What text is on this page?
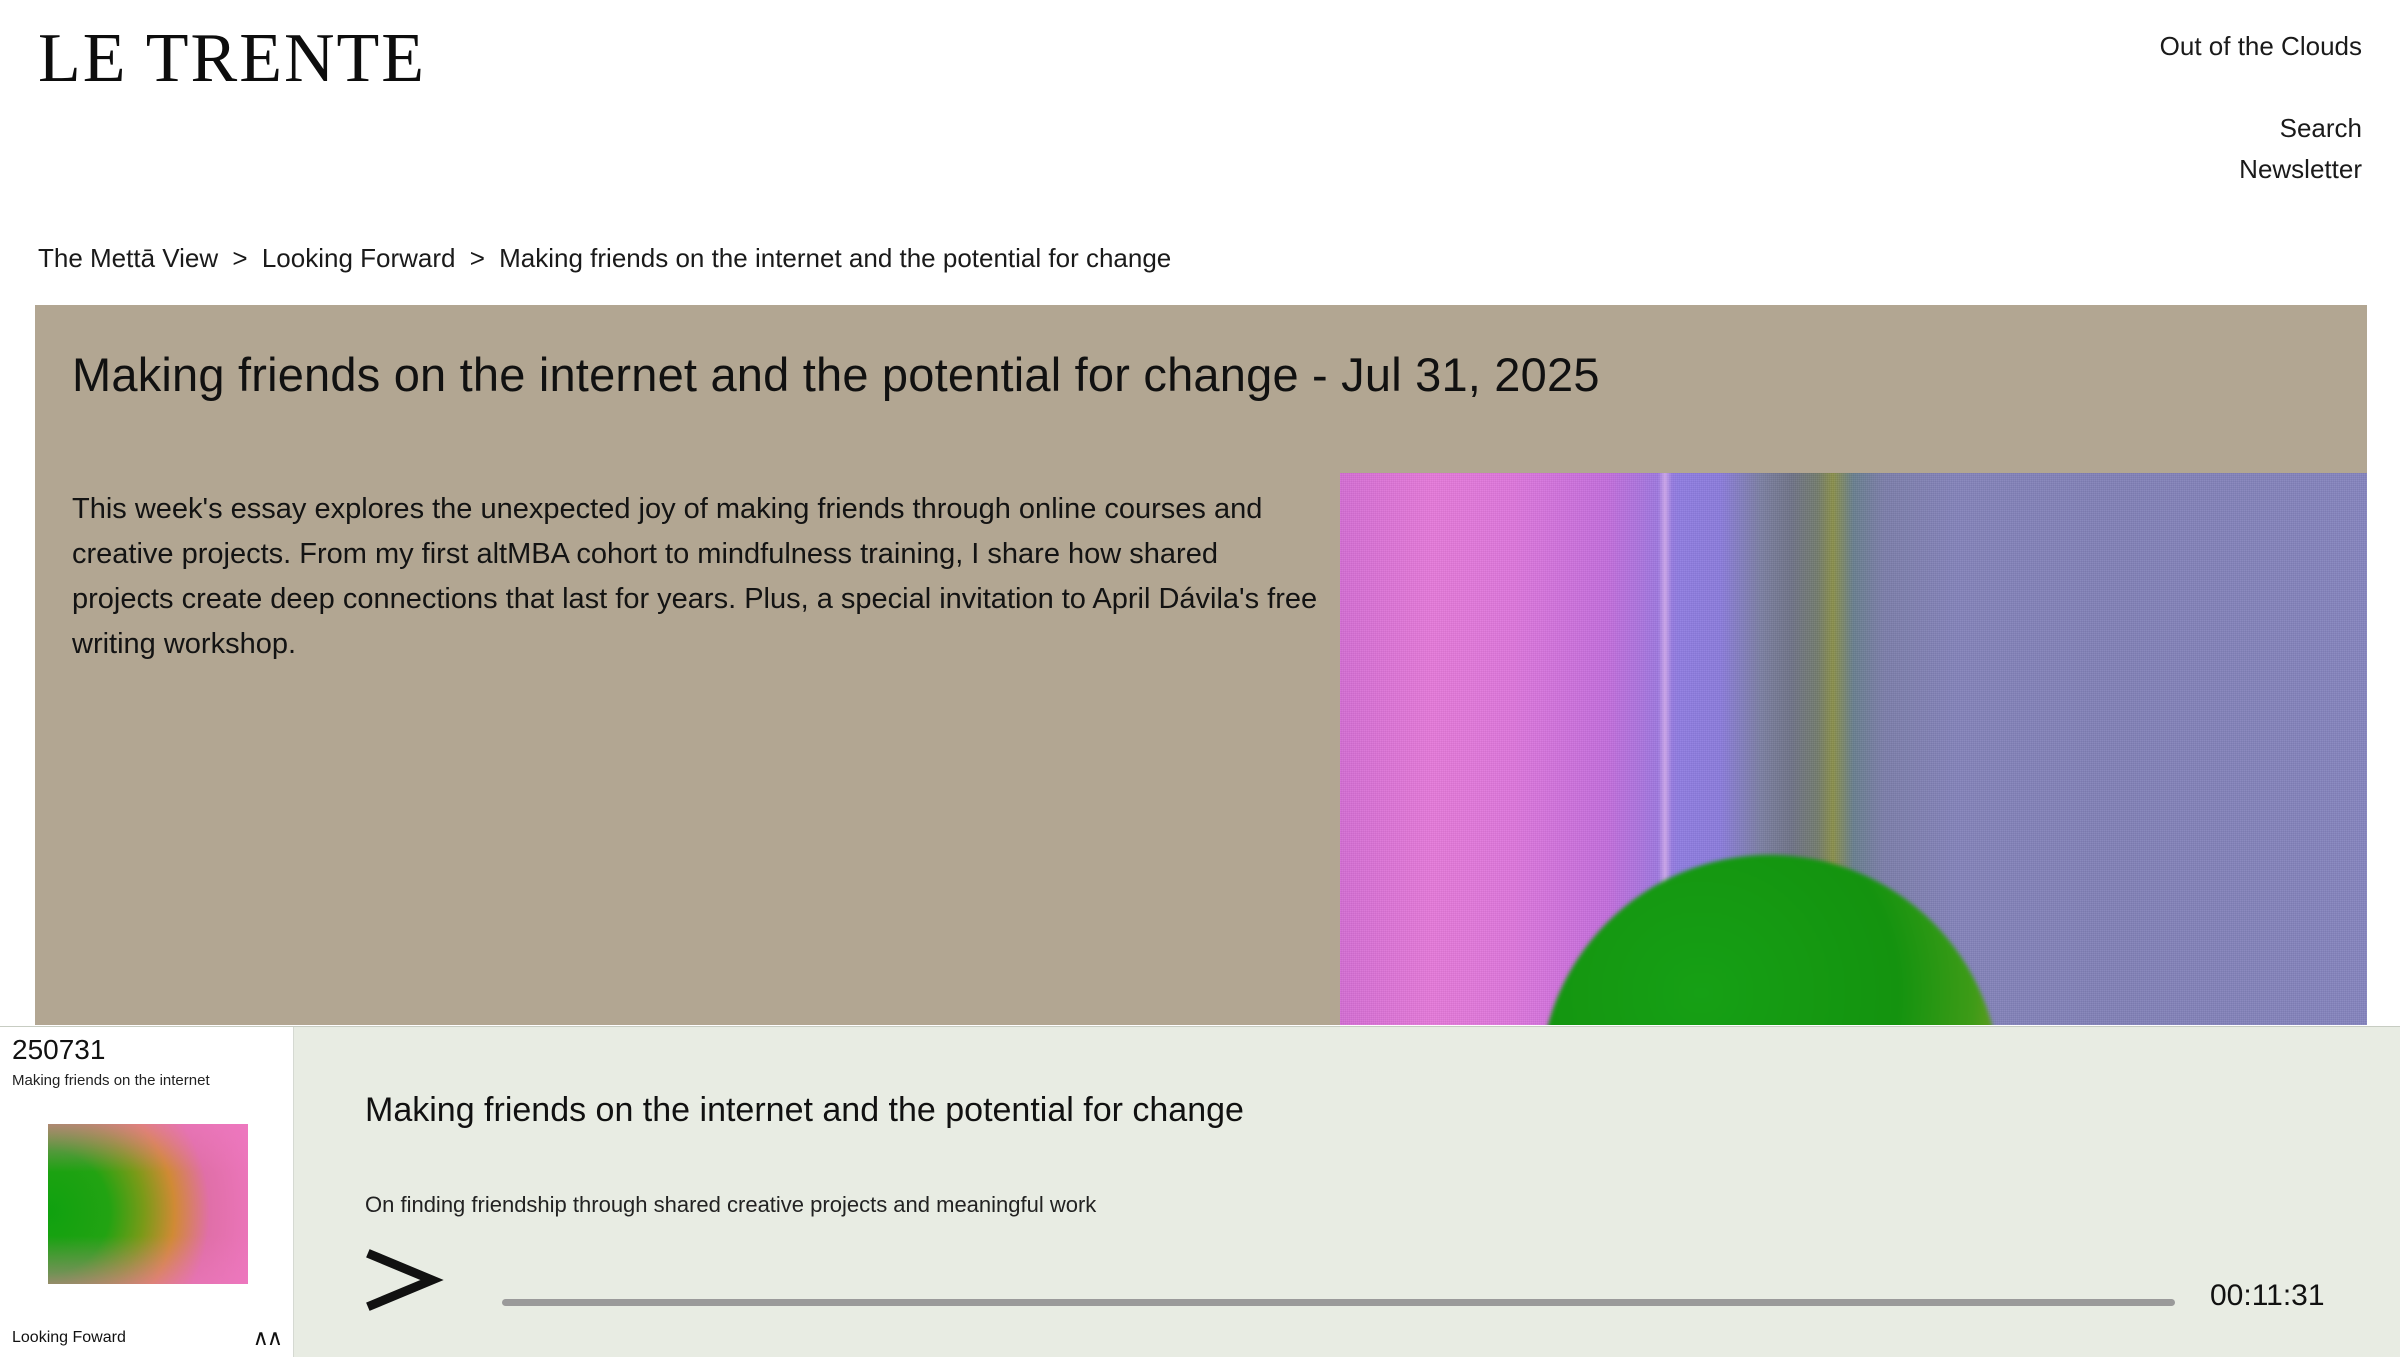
LE TRENTE	Out of the Clouds
Search
Newsletter
The Mettā View > Looking Forward > Making friends on the internet and the potential for change
Making friends on the internet and the potential for change - Jul 31, 2025
This week's essay explores the unexpected joy of making friends through online courses and creative projects. From my first altMBA cohort to mindfulness training, I share how shared projects create deep connections that last for years. Plus, a special invitation to April Dávila's free writing workshop.
250731
Making friends on the internet
Looking Foward	∧∧
Making friends on the internet and the potential for change
On finding friendship through shared creative projects and meaningful work
00:11:31
